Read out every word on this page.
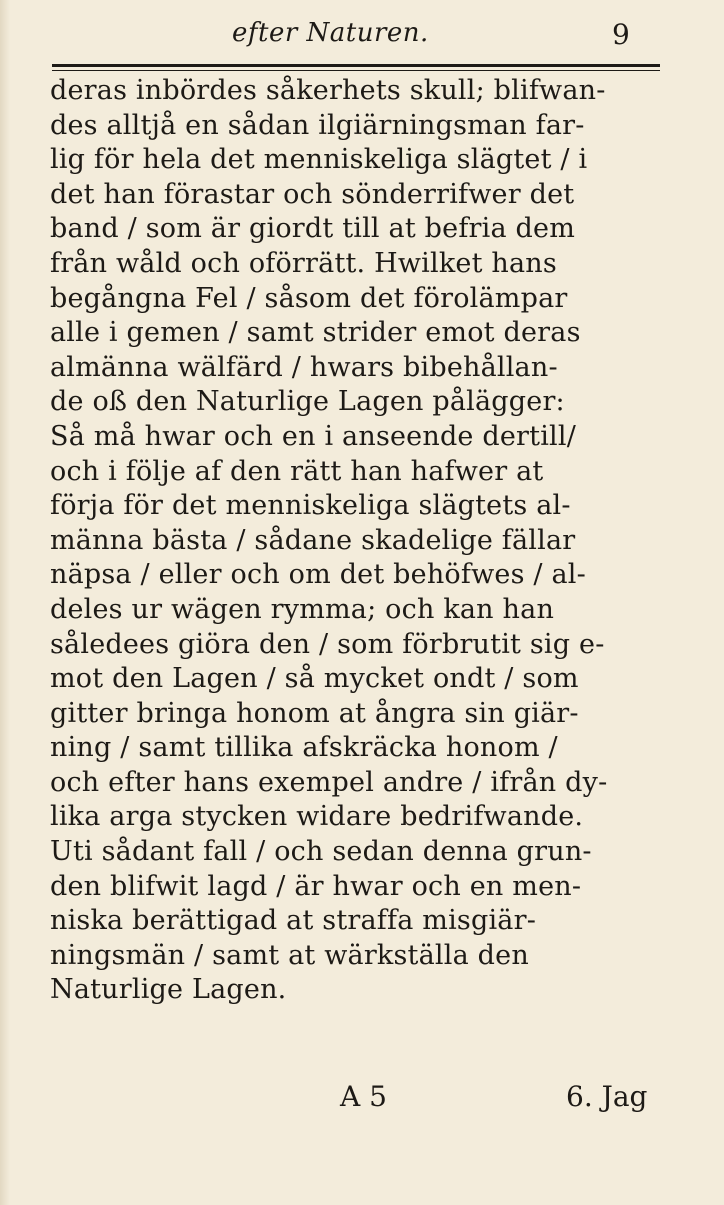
efter Naturen.	9
deras inbördes såkerhets skull; blifwan-
des alltjå en sådan ilgiärningsman far-
lig för hela det menniskeliga slägtet / i
det han förastar och sönderrifwer det
band / som är giordt till at befria dem
från wåld och oförrätt. Hwilket hans
begångna Fel / såsom det förolämpar
alle i gemen / samt strider emot deras
almänna wälfärd / hwars bibehållan-
de oß den Naturlige Lagen pålägger:
Så må hwar och en i anseende dertill/
och i följe af den rätt han hafwer at
förja för det menniskeliga slägtets al-
männa bästa / sådane skadelige fällar
näpsa / eller och om det behöfwes / al-
deles ur wägen rymma; och kan han
såledees giöra den / som förbrutit sig e-
mot den Lagen / så mycket ondt / som
gitter bringa honom at ångra sin giär-
ning / samt tillika afskräcka honom /
och efter hans exempel andre / ifrån dy-
lika arga stycken widare bedrifwande.
Uti sådant fall / och sedan denna grun-
den blifwit lagd / är hwar och en men-
niska berättigad at straffa misgiär-
ningsmän / samt at wärkställa den
Naturlige Lagen.
A 5	6. Jag
